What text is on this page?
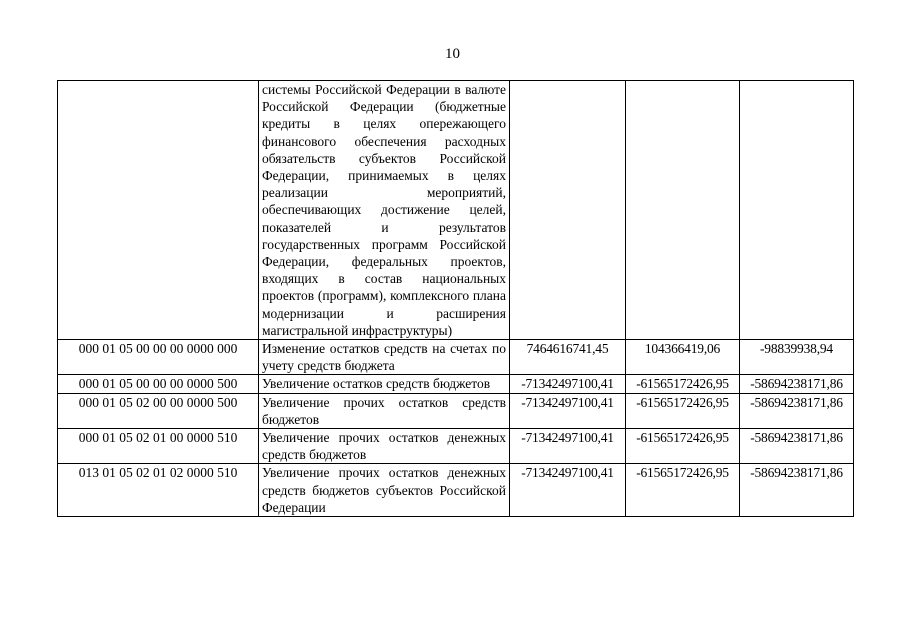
10
	системы Российской Федерации в валюте Российской Федерации (бюджетные кредиты в целях опережающего финансового обеспечения расходных обязательств субъектов Российской Федерации, принимаемых в целях реализации мероприятий, обеспечивающих достижение целей, показателей и результатов государственных программ Российской Федерации, федеральных проектов, входящих в состав национальных проектов (программ), комплексного плана модернизации и расширения магистральной инфраструктуры)			
000 01 05 00 00 00 0000 000	Изменение остатков средств на счетах по учету средств бюджета	7464616741,45	104366419,06	-98839938,94
000 01 05 00 00 00 0000 500	Увеличение остатков средств бюджетов	-71342497100,41	-61565172426,95	-58694238171,86
000 01 05 02 00 00 0000 500	Увеличение прочих остатков средств бюджетов	-71342497100,41	-61565172426,95	-58694238171,86
000 01 05 02 01 00 0000 510	Увеличение прочих остатков денежных средств бюджетов	-71342497100,41	-61565172426,95	-58694238171,86
013 01 05 02 01 02 0000 510	Увеличение прочих остатков денежных средств бюджетов субъектов Российской Федерации	-71342497100,41	-61565172426,95	-58694238171,86
